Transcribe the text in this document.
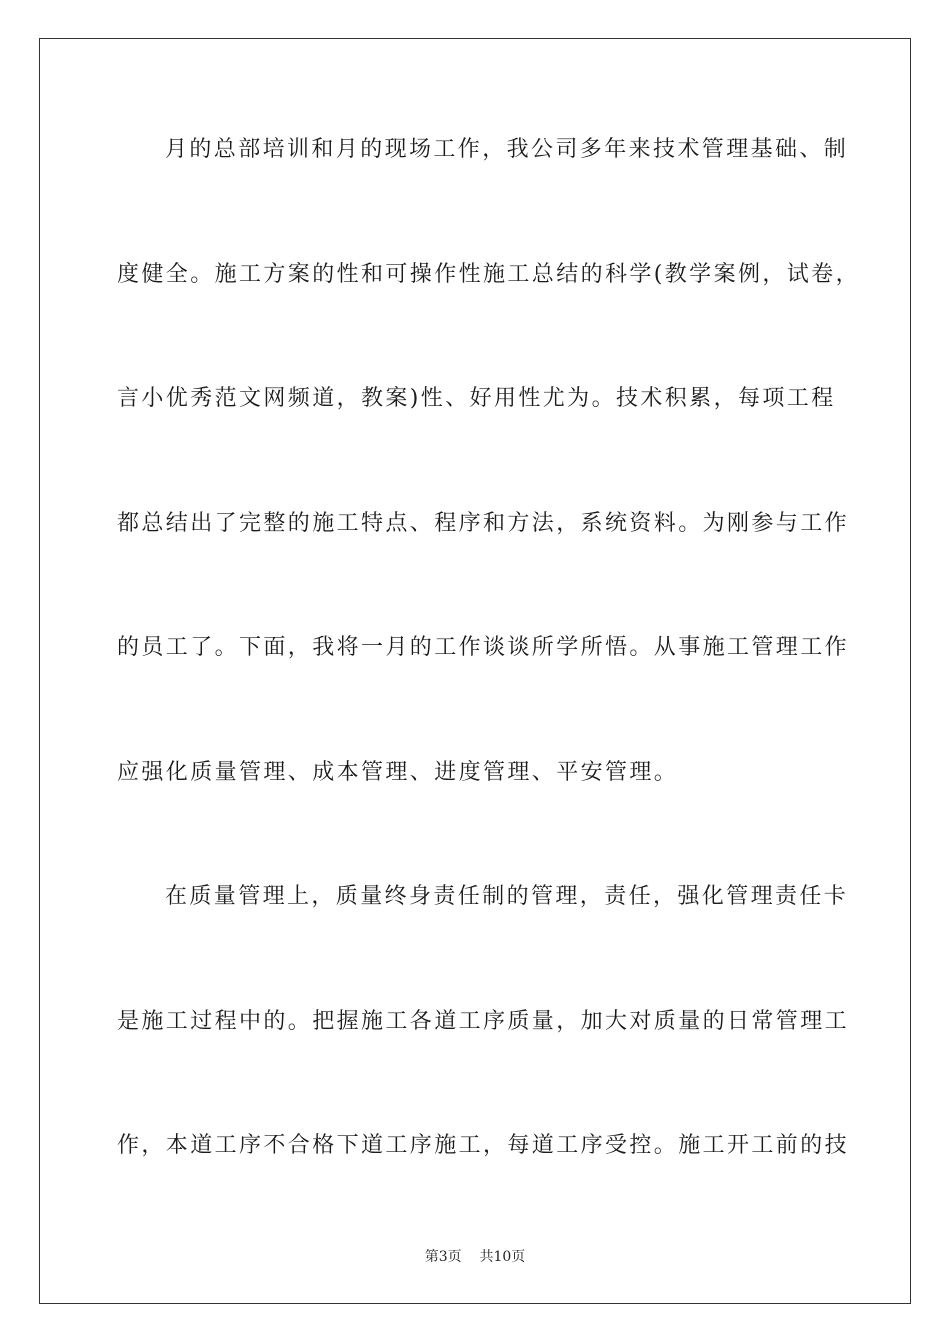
月的总部培训和月的现场工作，我公司多年来技术管理基础、制
度健全。施工方案的性和可操作性施工总结的科学(教学案例，试卷，
言小优秀范文网频道，教案)性、好用性尤为。技术积累，每项工程
都总结出了完整的施工特点、程序和方法，系统资料。为刚参与工作
的员工了。下面，我将一月的工作谈谈所学所悟。从事施工管理工作
应强化质量管理、成本管理、进度管理、平安管理。
在质量管理上，质量终身责任制的管理，责任，强化管理责任卡
是施工过程中的。把握施工各道工序质量，加大对质量的日常管理工
作，本道工序不合格下道工序施工，每道工序受控。施工开工前的技
第3页 共10页
